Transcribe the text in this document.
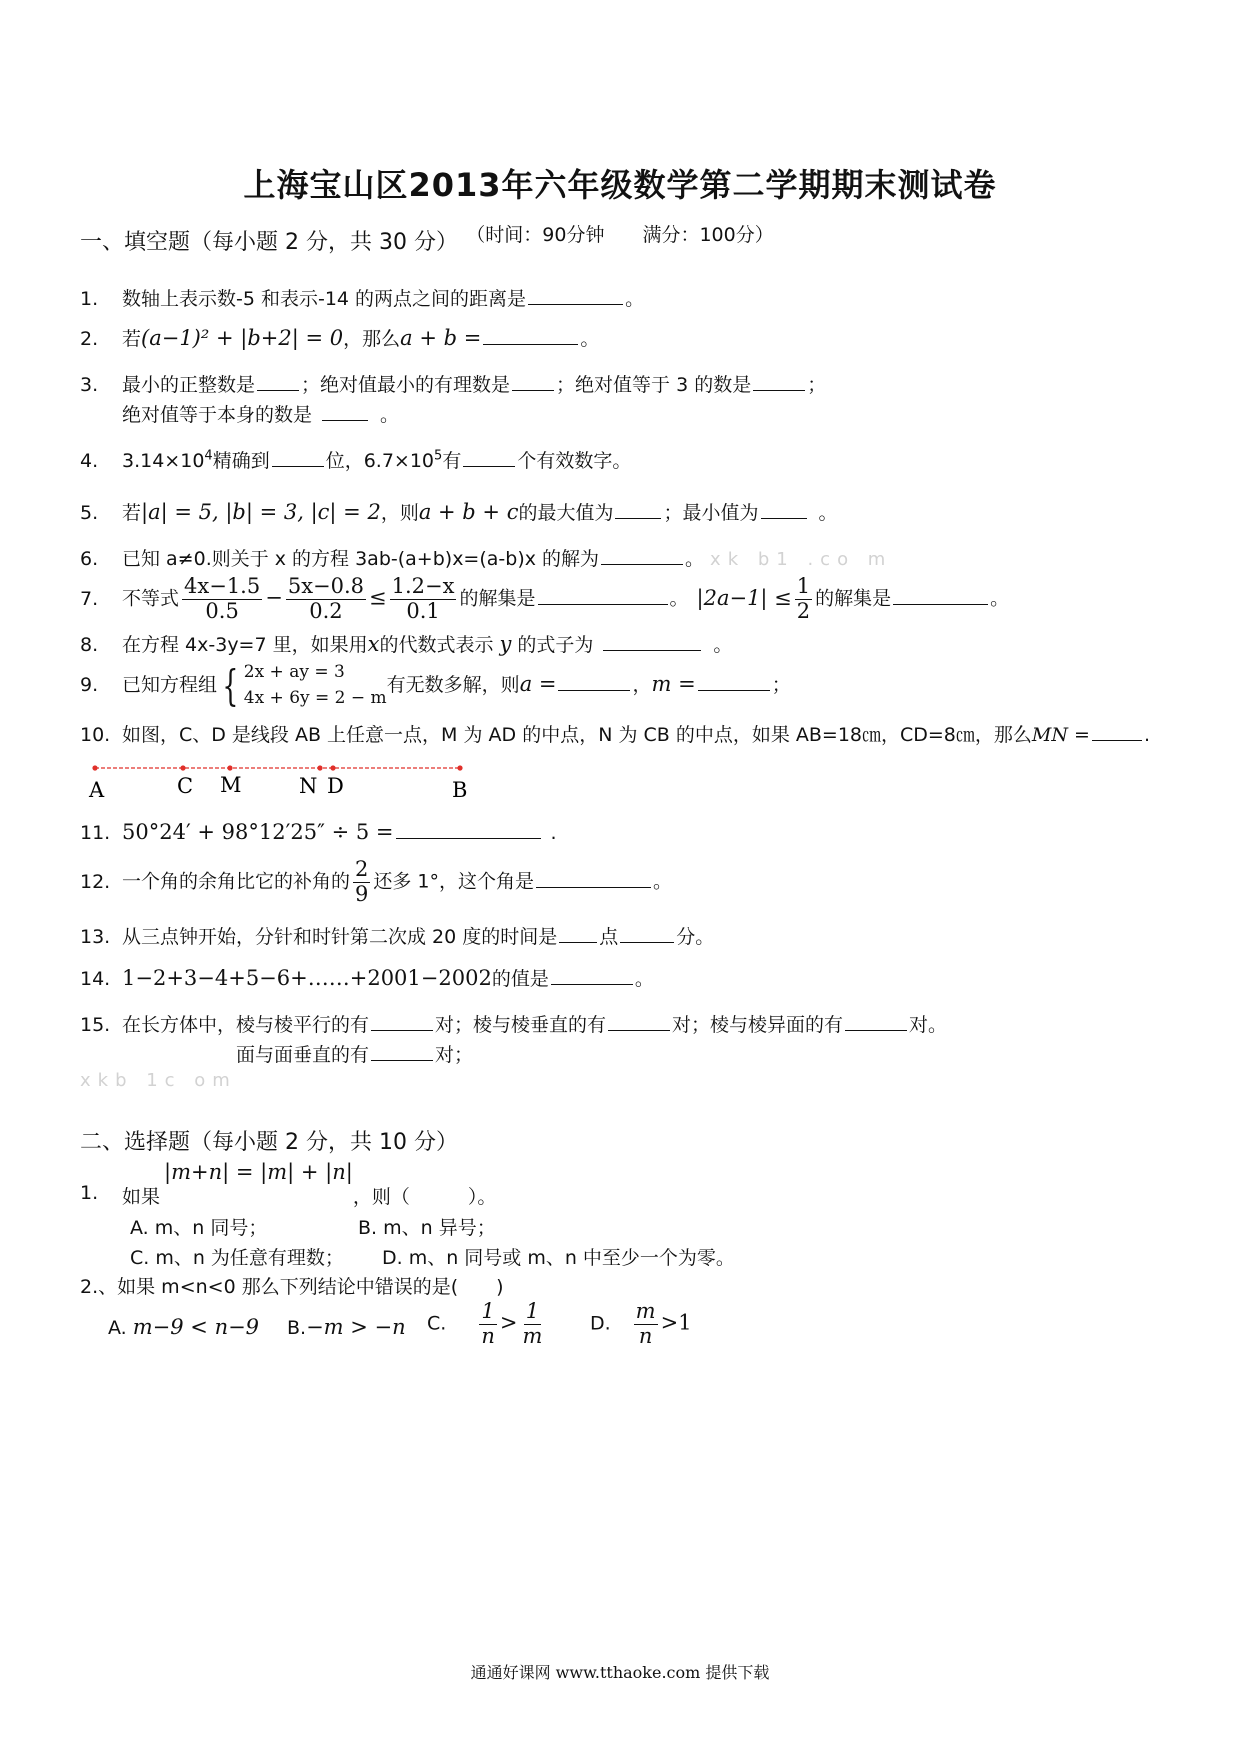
上海宝山区2013年六年级数学第二学期期末测试卷
（时间：90分钟　　满分：100分）
一、填空题（每小题 2 分，共 30 分）
1. 数轴上表示数-5 和表示-14 的两点之间的距离是	。
2. 若(a−1)² + |b+2| = 0，那么a + b =	。
3. 最小的正整数是 ；绝对值最小的有理数是 ；绝对值等于 3 的数是	；
绝对值等于本身的数是	。
4. $3.14\times 10^4$精确到	位，$6.7\times 10^5$有	个有效数字。
5. 若|a| = 5, |b| = 3, |c| = 2，则a + b + c的最大值为	；最小值为	。
6. 已知 a≠0.则关于 x 的方程 3ab-(a+b)x=(a-b)x 的解为	。 xk b1 .co m
7. 不等式 $\frac{4x-1.5}{0.5} - \frac{5x-0.8}{0.2} \le \frac{1.2-x}{0.1}$ 的解集是	。 $|2a-1| \le \frac{1}{2}$ 的解集是	。
8. 在方程 4x-3y=7 里，如果用x的代数式表示 y 的式子为	。
9. 已知方程组 { 2x + ay = 3
4x + 6y = 2 − m
有无数多解，则a =	，m =	；
10. 如图，C、D 是线段 AB 上任意一点，M 为 AD 的中点，N 为 CB 的中点，如果 AB=18㎝，CD=8㎝，那么MN =	.
A	C M	N D	B
11. 50°24′ + 98°12′25″ ÷ 5 =	.
12. 一个角的余角比它的补角的 $\frac{2}{9}$ 还多 1°，这个角是	。
13. 从三点钟开始，分针和时针第二次成 20 度的时间是 点	分。
14. 1−2+3−4+5−6+……+2001−2002的值是	。
15. 在长方体中，棱与棱平行的有	对；棱与棱垂直的有	对；棱与棱异面的有	对。
面与面垂直的有	对；
xkb 1c om
二、选择题（每小题 2 分，共 10 分）
1. 如果|m+n| = |m| + |n|，则（	）。
A. m、n 同号；	B. m、n 异号；
C. m、n 为任意有理数； D. m、n 同号或 m、n 中至少一个为零。
2.、如果 m<n<0 那么下列结论中错误的是(　　)
A. m−9 < n−9 B.−m > −n C. $\frac{1}{n} > \frac{1}{m} D$. $\frac{m}{n} >1$
通通好课网 www.tthaoke.com 提供下载
